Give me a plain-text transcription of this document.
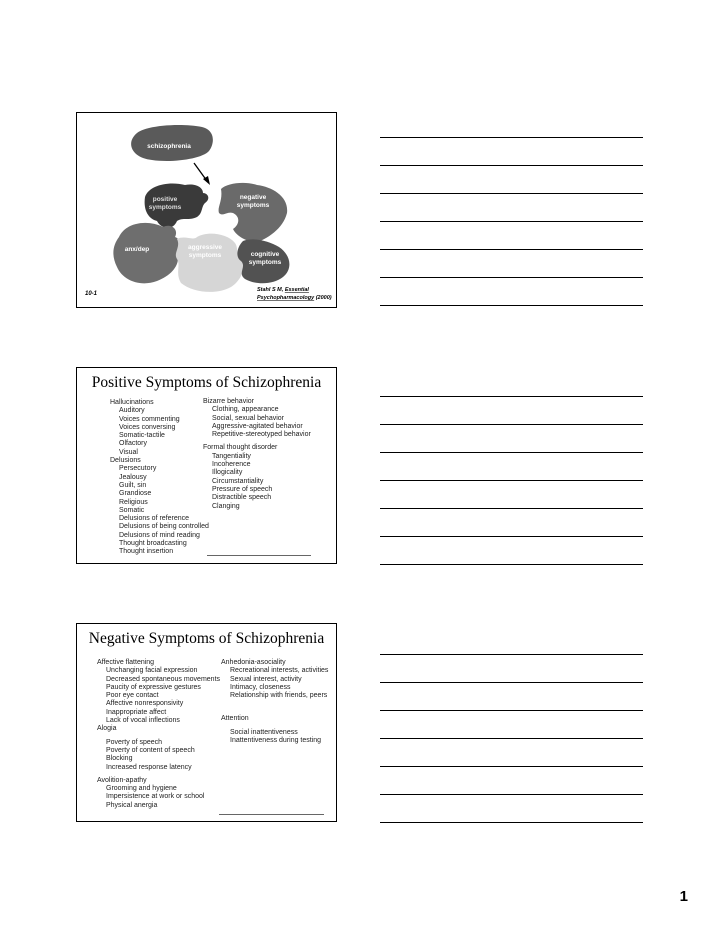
schizophrenia
positive
symptoms
negative
symptoms
anx/dep	aggressive
symptoms	cognitive
symptoms
10-1
Stahl S M, Essential
Psychopharmacology (2000)
Positive Symptoms of Schizophrenia
Hallucinations
Auditory
Voices commenting
Voices conversing
Somatic-tactile
Olfactory
Visual
Delusions
Persecutory
Jealousy
Guilt, sin
Grandiose
Religious
Somatic
Delusions of reference
Delusions of being controlled
Delusions of mind reading
Thought broadcasting
Thought insertion
Bizarre behavior
Clothing, appearance
Social, sexual behavior
Aggressive-agitated behavior
Repetitive-stereotyped behavior
Formal thought disorder
Tangentiality
Incoherence
Illogicality
Circumstantiality
Pressure of speech
Distractible speech
Clanging
Negative Symptoms of Schizophrenia
Affective flattening
Unchanging facial expression
Decreased spontaneous movements
Paucity of expressive gestures
Poor eye contact
Affective nonresponsivity
Inappropriate affect
Lack of vocal inflections
Alogia
Poverty of speech
Poverty of content of speech
Blocking
Increased response latency
Avolition-apathy
Grooming and hygiene
Impersistence at work or school
Physical anergia
Anhedonia-asociality
Recreational interests, activities
Sexual interest, activity
Intimacy, closeness
Relationship with friends, peers
Attention
Social inattentiveness
Inattentiveness during testing
1
